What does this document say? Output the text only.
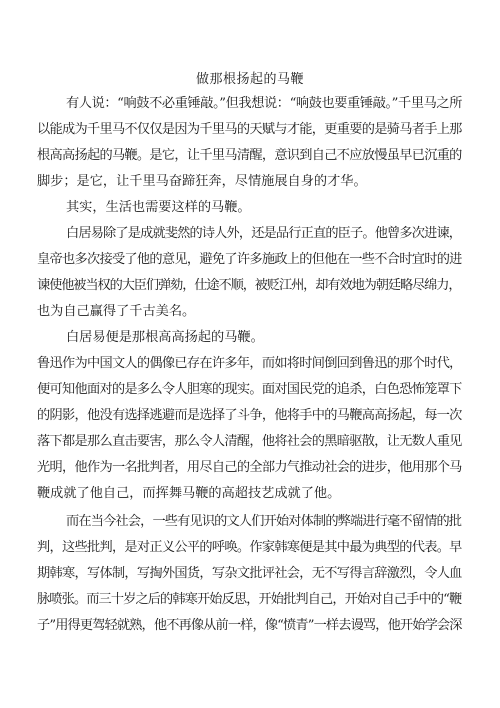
做那根扬起的马鞭
有人说：“响鼓不必重锤敲。”但我想说：“响鼓也要重锤敲。”千里马之所
以能成为千里马不仅仅是因为千里马的天赋与才能，更重要的是骑马者手上那
根高高扬起的马鞭。是它，让千里马清醒，意识到自己不应放慢虽早已沉重的
脚步；是它，让千里马奋蹄狂奔，尽情施展自身的才华。
其实，生活也需要这样的马鞭。
白居易除了是成就斐然的诗人外，还是品行正直的臣子。他曾多次进谏，
皇帝也多次接受了他的意见，避免了许多施政上的但他在一些不合时宜时的进
谏使他被当权的大臣们弹劾，仕途不顺，被贬江州，却有效地为朝廷略尽绵力，
也为自己赢得了千古美名。
白居易便是那根高高扬起的马鞭。
鲁迅作为中国文人的偶像已存在许多年，而如将时间倒回到鲁迅的那个时代，
便可知他面对的是多么令人胆寒的现实。面对国民党的追杀，白色恐怖笼罩下
的阴影，他没有选择逃避而是选择了斗争，他将手中的马鞭高高扬起，每一次
落下都是那么直击要害，那么令人清醒，他将社会的黑暗驱散，让无数人重见
光明，他作为一名批判者，用尽自己的全部力气推动社会的进步，他用那个马
鞭成就了他自己，而挥舞马鞭的高超技艺成就了他。
而在当今社会，一些有见识的文人们开始对体制的弊端进行毫不留情的批
判，这些批判，是对正义公平的呼唤。作家韩寒便是其中最为典型的代表。早
期韩寒，写体制，写掏外国货，写杂文批评社会，无不写得言辞激烈，令人血
脉喷张。而三十岁之后的韩寒开始反思，开始批判自己，开始对自己手中的“鞭
子”用得更驾轻就熟，他不再像从前一样，像“愤青”一样去谩骂，他开始学会深
